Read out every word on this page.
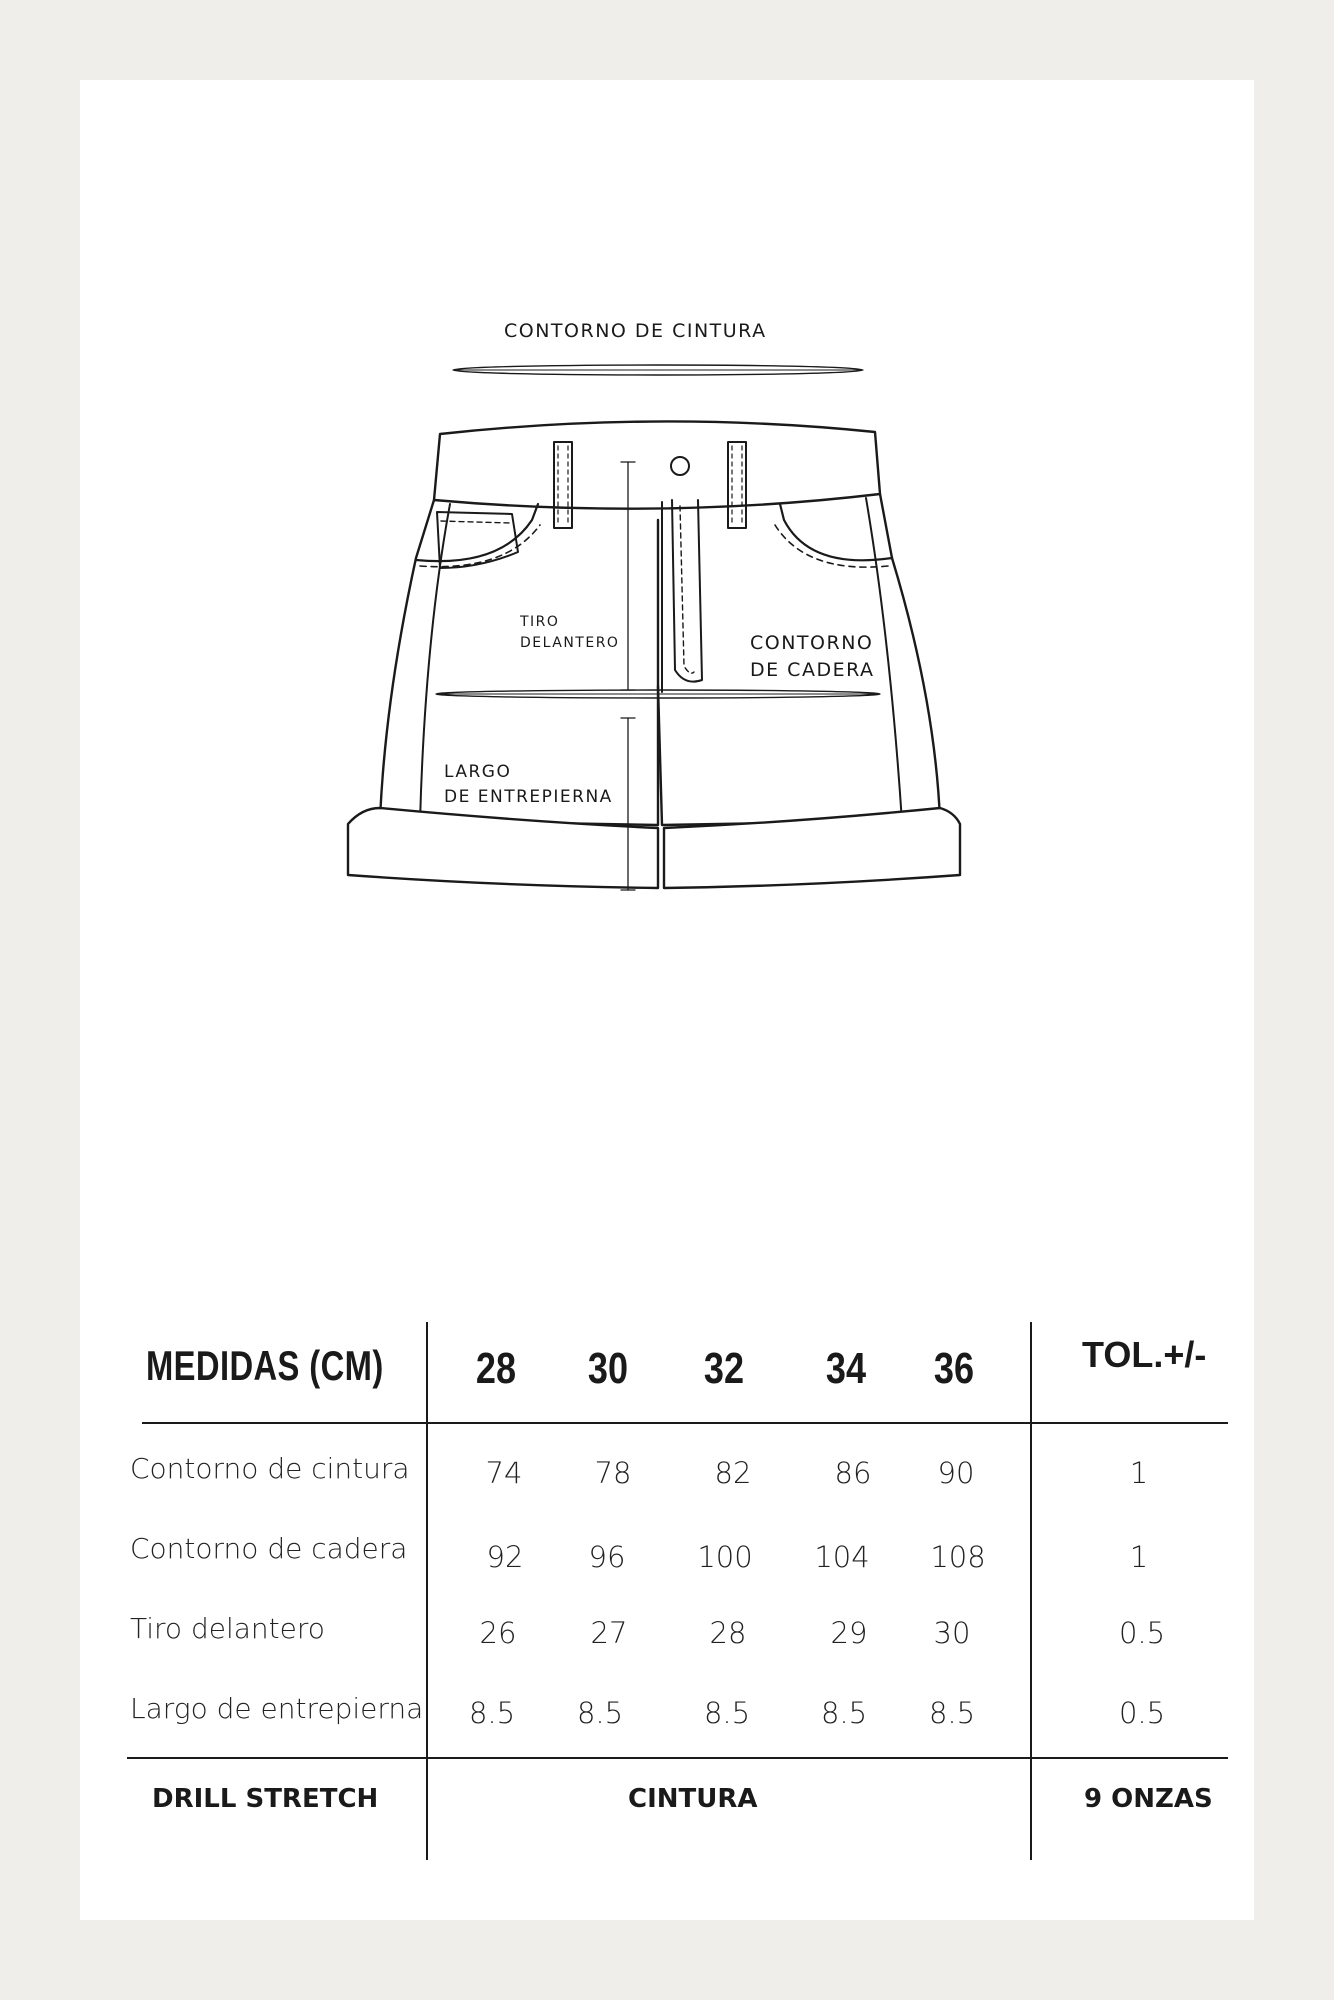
CONTORNO DE CINTURA
TIRO
DELANTERO	CONTORNO
DE CADERA
LARGO
DE ENTREPIERNA
MEDIDAS (CM) 28 30 32 34 36	TOL.+/-
Contorno de cintura	74 78	82	86 90	1
Contorno de cadera	92 96 100 104 108	1
Tiro delantero	26	27	28	29 30	0.5
Largo de entrepierna 8.5 8.5	8.5 8.5 8.5	0.5
DRILL STRETCH	CINTURA	9 ONZAS
